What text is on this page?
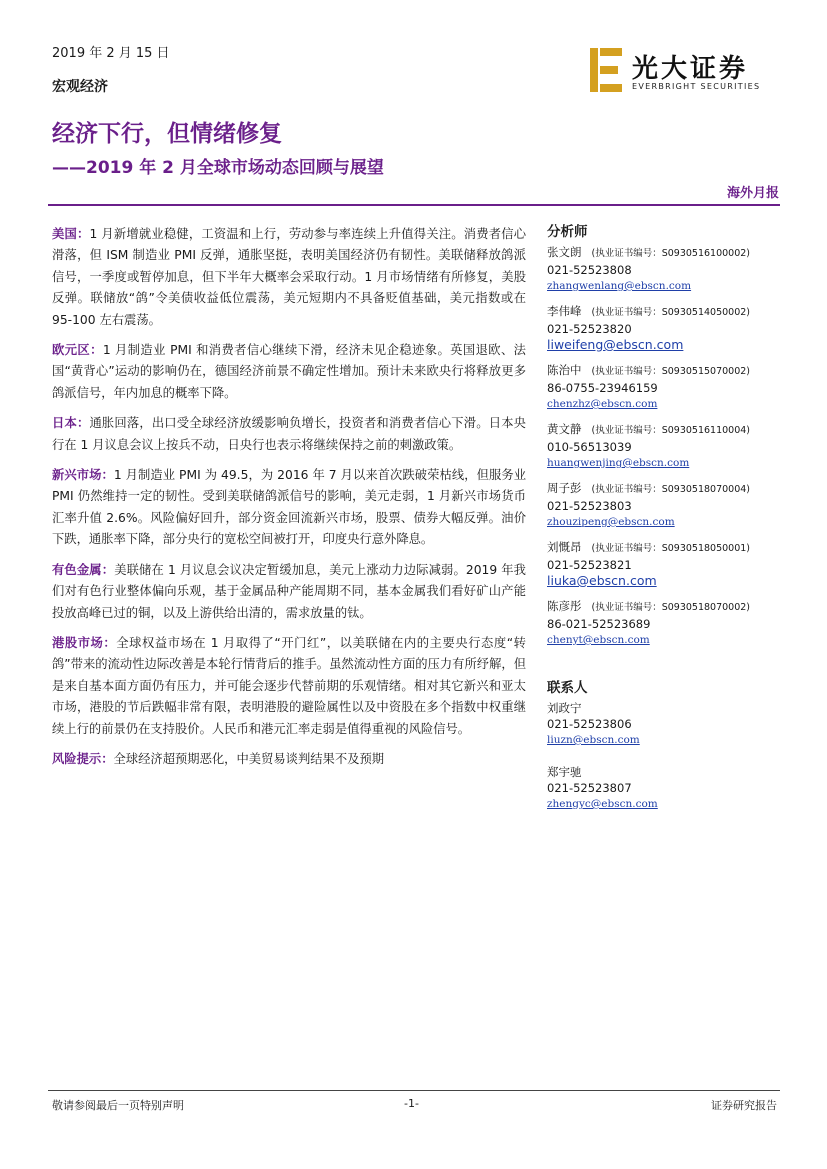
2019 年 2 月 15 日
宏观经济
光大证券
EVERBRIGHT SECURITIES
经济下行，但情绪修复
——2019 年 2 月全球市场动态回顾与展望
海外月报

美国：1 月新增就业稳健，工资温和上行，劳动参与率连续上升值得关注。消费者信心滑落，但 ISM 制造业 PMI 反弹，通胀坚挺，表明美国经济仍有韧性。美联储释放鸽派信号，一季度或暂停加息，但下半年大概率会采取行动。1 月市场情绪有所修复，美股反弹。联储放“鸽”令美债收益低位震荡，美元短期内不具备贬值基础，美元指数或在 95-100 左右震荡。

欧元区：1 月制造业 PMI 和消费者信心继续下滑，经济未见企稳迹象。英国退欧、法国“黄背心”运动的影响仍在，德国经济前景不确定性增加。预计未来欧央行将释放更多鸽派信号，年内加息的概率下降。

日本：通胀回落，出口受全球经济放缓影响负增长，投资者和消费者信心下滑。日本央行在 1 月议息会议上按兵不动，日央行也表示将继续保持之前的刺激政策。

新兴市场：1 月制造业 PMI 为 49.5，为 2016 年 7 月以来首次跌破荣枯线，但服务业 PMI 仍然维持一定的韧性。受到美联储鸽派信号的影响，美元走弱，1 月新兴市场货币汇率升值 2.6%。风险偏好回升，部分资金回流新兴市场，股票、债券大幅反弹。油价下跌，通胀率下降，部分央行的宽松空间被打开，印度央行意外降息。

有色金属：美联储在 1 月议息会议决定暂缓加息，美元上涨动力边际减弱。2019 年我们对有色行业整体偏向乐观，基于金属品种产能周期不同，基本金属我们看好矿山产能投放高峰已过的铜，以及上游供给出清的，需求放量的钛。

港股市场：全球权益市场在 1 月取得了“开门红”，以美联储在内的主要央行态度“转鸽”带来的流动性边际改善是本轮行情背后的推手。虽然流动性方面的压力有所纾解，但是来自基本面方面仍有压力，并可能会逐步代替前期的乐观情绪。相对其它新兴和亚太市场，港股的节后跌幅非常有限，表明港股的避险属性以及中资股在多个指数中权重继续上行的前景仍在支持股价。人民币和港元汇率走弱是值得重视的风险信号。

风险提示：全球经济超预期恶化，中美贸易谈判结果不及预期

分析师
张文朗 (执业证书编号：S0930516100002)
021-52523808
zhangwenlang@ebscn.com
李伟峰 (执业证书编号：S0930514050002)
021-52523820
liweifeng@ebscn.com
陈治中 (执业证书编号：S0930515070002)
86-0755-23946159
chenzhz@ebscn.com
黄文静 (执业证书编号：S0930516110004)
010-56513039
huangwenjing@ebscn.com
周子彭 (执业证书编号：S0930518070004)
021-52523803
zhouzipeng@ebscn.com
刘慨昂 (执业证书编号：S0930518050001)
021-52523821
liuka@ebscn.com
陈彦彤 (执业证书编号：S0930518070002)
86-021-52523689
chenyt@ebscn.com
联系人
刘政宁
021-52523806
liuzn@ebscn.com
郑宇驰
021-52523807
zhengyc@ebscn.com
敬请参阅最后一页特别声明	-1-	证券研究报告
